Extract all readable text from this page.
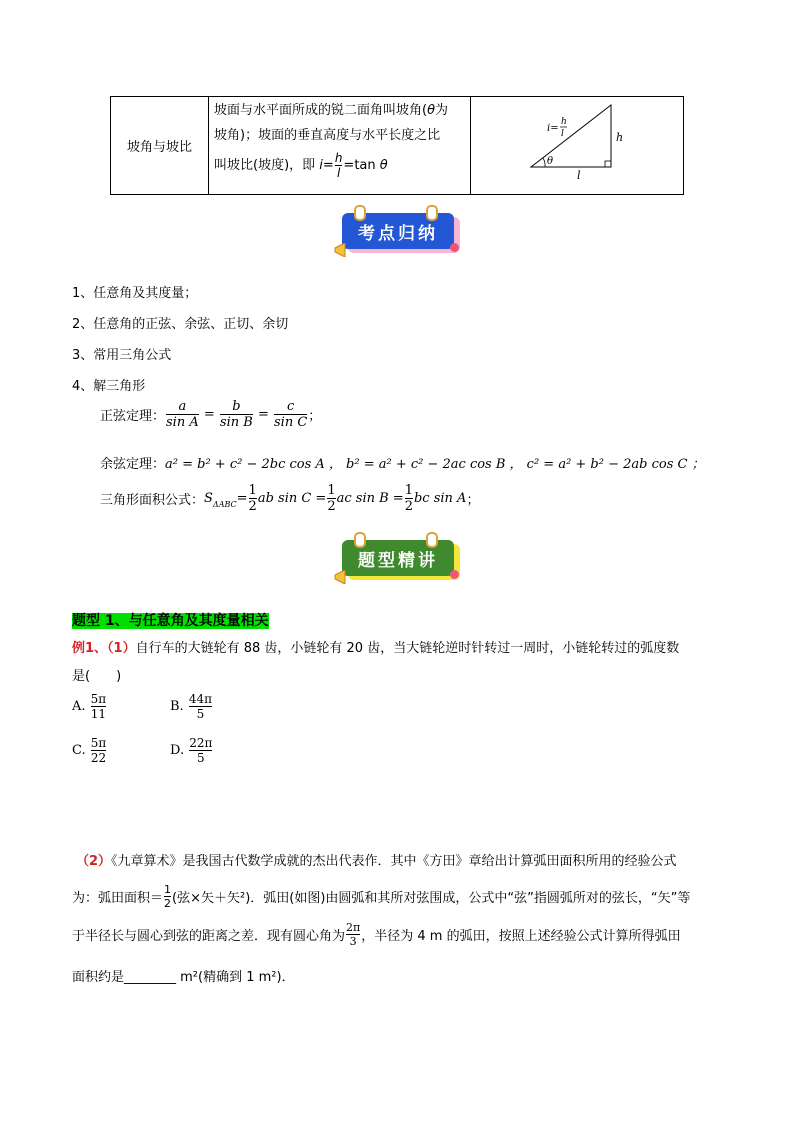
坡角与坡比
坡面与水平面所成的锐二面角叫坡角(θ为
坡角)；坡面的垂直高度与水平长度之比
叫坡比(坡度)，即 $i= \frac{h}{l} =\tan$ θ	θ
h
l
i=
h
l
考点归纳
1、任意角及其度量；
2、任意角的正弦、余弦、正切、余切
3、常用三角公式
4、解三角形
正弦定理： $\frac{a}{\text{sin A}} = \frac{b}{\text{sin B}} = \frac{c}{\text{sin C}}$ ；
余弦定理：a² = b² + c² − 2bc cos A ， b² = a² + c² − 2ac cos B ， c² = a² + b² − 2ab cos C ；
三角形面积公式： S $\Delta ABC = \frac{1}{2}$ ab $\sin C = \frac{1}{2}$ ac $\sin B = \frac{1}{2}$ bc sin A ；
题型精讲
题型 1、与任意角及其度量相关
例1、（1）自行车的大链轮有 88 齿，小链轮有 20 齿，当大链轮逆时针转过一周时，小链轮转过的弧度数
是(　　)
A.
$\frac{5\pi}{11}$	B.
$\frac{44\pi}{5}$
C.
$\frac{5\pi}{22}$	D.
$\frac{22\pi}{5}$
（2）《九章算术》是我国古代数学成就的杰出代表作．其中《方田》章给出计算弧田面积所用的经验公式
为：弧田面积＝ $\frac{1}{2}$ (弦×矢＋矢²)．弧田(如图)由圆弧和其所对弦围成，公式中“弦”指圆弧所对的弦长，“矢”等
于半径长与圆心到弦的距离之差．现有圆心角为 $\frac{2\pi}{3}$ ，半径为 4 m 的弧田，按照上述经验公式计算所得弧田
面积约是________ m²(精确到 1 m²)．
